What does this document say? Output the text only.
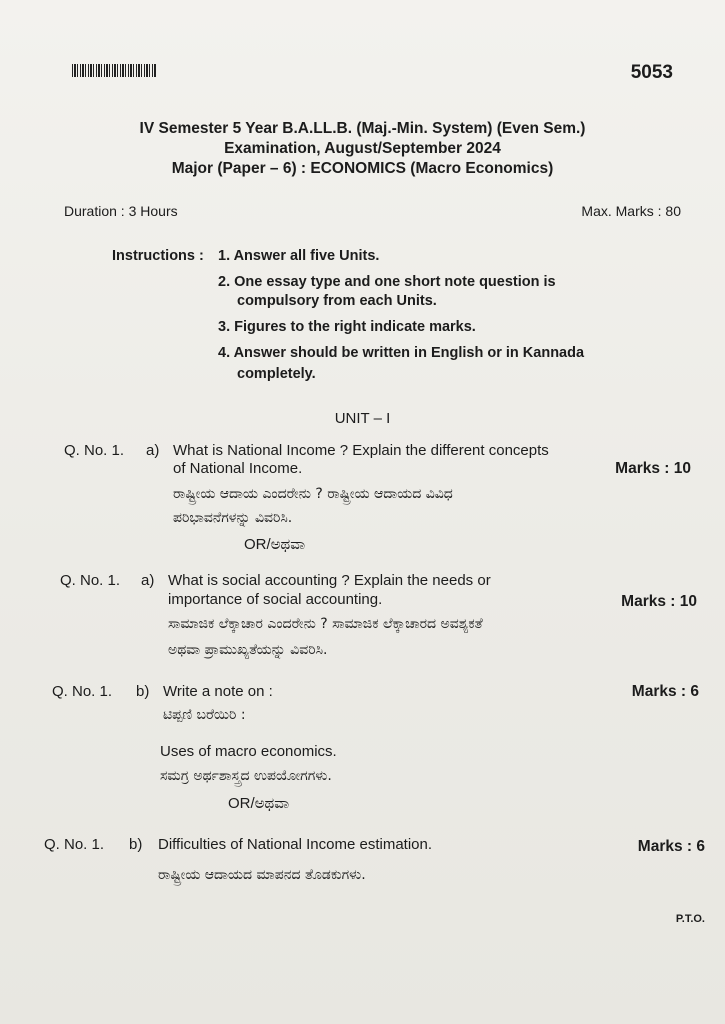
5053
IV Semester 5 Year B.A.LL.B. (Maj.-Min. System) (Even Sem.)
Examination, August/September 2024
Major (Paper – 6) : ECONOMICS (Macro Economics)
Duration : 3 Hours	Max. Marks : 80
Instructions : 1. Answer all five Units.
2. One essay type and one short note question is
compulsory from each Units.
3. Figures to the right indicate marks.
4. Answer should be written in English or in Kannada
completely.
UNIT – I
Q. No. 1. a) What is National Income ? Explain the different concepts
of National Income.	Marks : 10
ರಾಷ್ಟ್ರೀಯ ಆದಾಯ ಎಂದರೇನು ? ರಾಷ್ಟ್ರೀಯ ಆದಾಯದ ವಿವಿಧ
ಪರಿಭಾವನೆಗಳನ್ನು ವಿವರಿಸಿ.
OR/ಅಥವಾ
Q. No. 1. a) What is social accounting ? Explain the needs or
importance of social accounting.	Marks : 10
ಸಾಮಾಜಿಕ ಲೆಕ್ಕಾಚಾರ ಎಂದರೇನು ? ಸಾಮಾಜಿಕ ಲೆಕ್ಕಾಚಾರದ ಅವಶ್ಯಕತೆ
ಅಥವಾ ಪ್ರಾಮುಖ್ಯತೆಯನ್ನು ವಿವರಿಸಿ.
Q. No. 1. b) Write a note on :	Marks : 6
ಟಿಪ್ಪಣಿ ಬರೆಯಿರಿ :
Uses of macro economics.
ಸಮಗ್ರ ಅರ್ಥಶಾಸ್ತ್ರದ ಉಪಯೋಗಗಳು.
OR/ಅಥವಾ
Q. No. 1. b) Difficulties of National Income estimation.	Marks : 6
ರಾಷ್ಟ್ರೀಯ ಆದಾಯದ ಮಾಪನದ ತೊಡಕುಗಳು.
P.T.O.
